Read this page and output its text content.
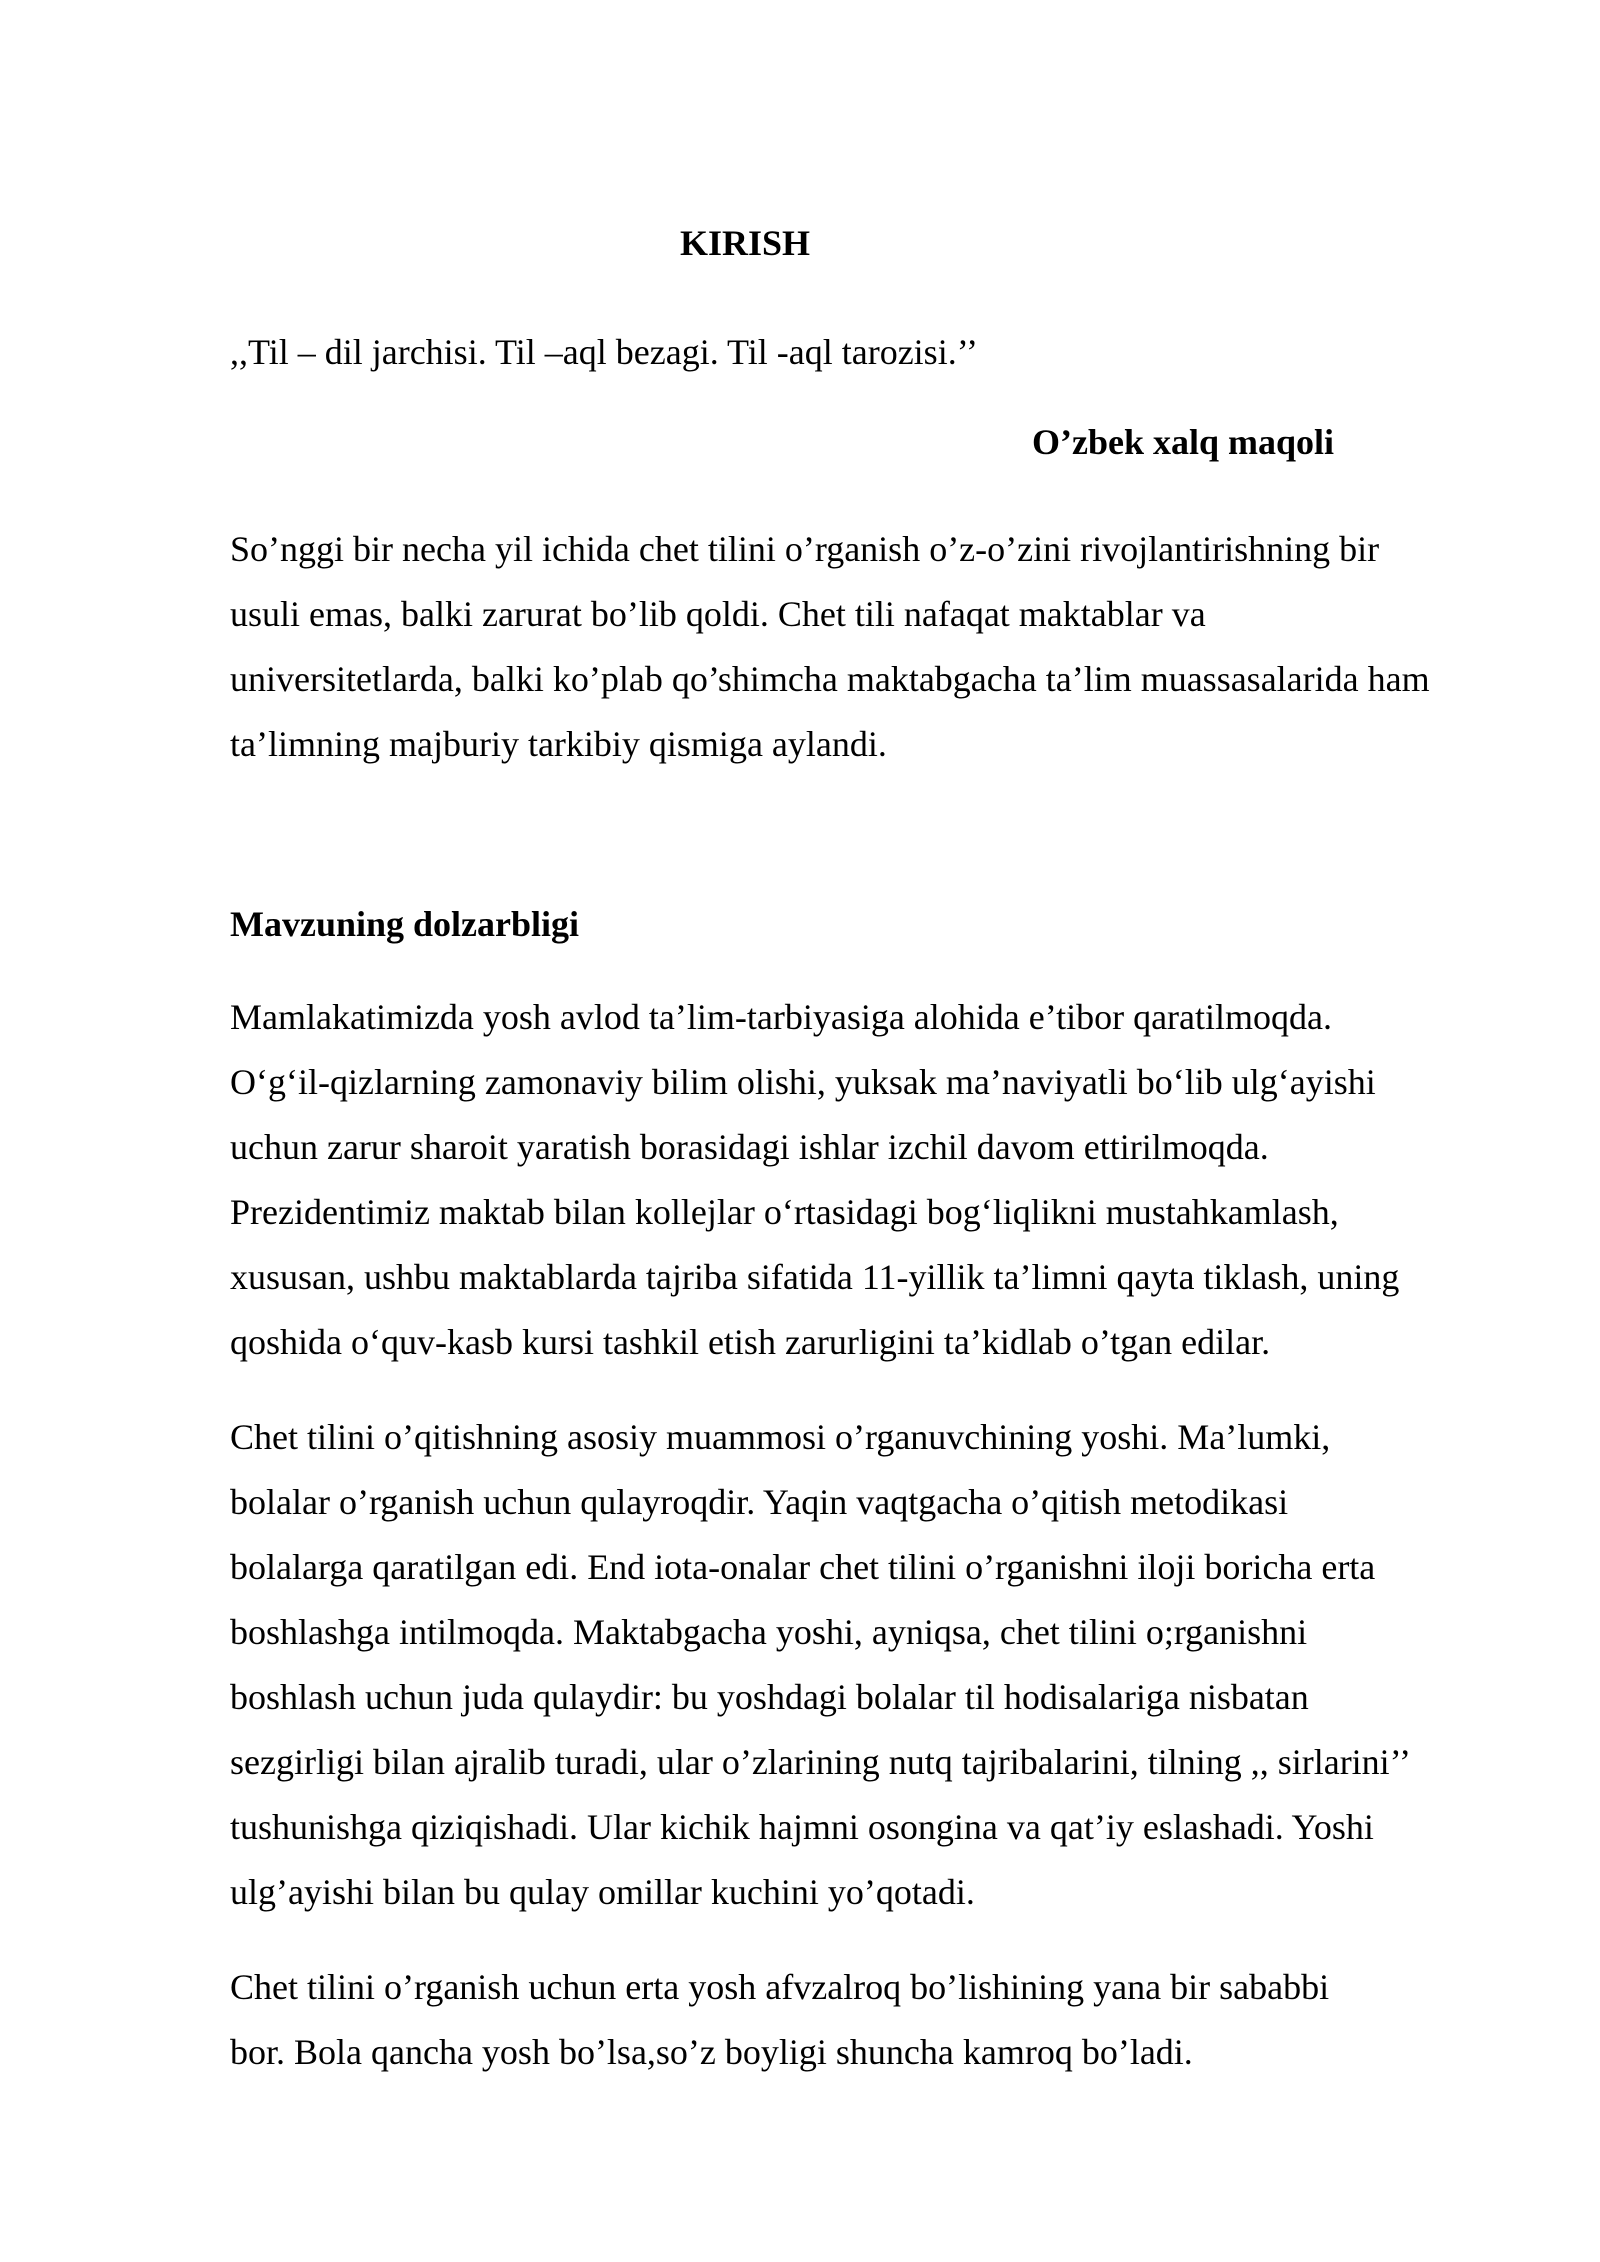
KIRISH

,,Til – dil jarchisi. Til –aql bezagi. Til -aql tarozisi.’’

O’zbek xalq maqoli

So’nggi bir necha yil ichida chet tilini o’rganish o’z-o’zini rivojlantirishning bir
usuli emas, balki zarurat bo’lib qoldi. Chet tili nafaqat maktablar va
universitetlarda, balki ko’plab qo’shimcha maktabgacha ta’lim muassasalarida ham
ta’limning majburiy tarkibiy qismiga aylandi.

Mavzuning dolzarbligi

Mamlakatimizda yosh avlod ta’lim-tarbiyasiga alohida e’tibor qaratilmoqda.
O‘g‘il-qizlarning zamonaviy bilim olishi, yuksak ma’naviyatli bo‘lib ulg‘ayishi
uchun zarur sharoit yaratish borasidagi ishlar izchil davom ettirilmoqda.
Prezidentimiz maktab bilan kollejlar o‘rtasidagi bog‘liqlikni mustahkamlash,
xususan, ushbu maktablarda tajriba sifatida 11-yillik ta’limni qayta tiklash, uning
qoshida o‘quv-kasb kursi tashkil etish zarurligini ta’kidlab o’tgan edilar.

Chet tilini o’qitishning asosiy muammosi o’rganuvchining yoshi. Ma’lumki,
bolalar o’rganish uchun qulayroqdir. Yaqin vaqtgacha o’qitish metodikasi
bolalarga qaratilgan edi. End iota-onalar chet tilini o’rganishni iloji boricha erta
boshlashga intilmoqda. Maktabgacha yoshi, ayniqsa, chet tilini o;rganishni
boshlash uchun juda qulaydir: bu yoshdagi bolalar til hodisalariga nisbatan
sezgirligi bilan ajralib turadi, ular o’zlarining nutq tajribalarini, tilning ,, sirlarini’’
tushunishga qiziqishadi. Ular kichik hajmni osongina va qat’iy eslashadi. Yoshi
ulg’ayishi bilan bu qulay omillar kuchini yo’qotadi.

Chet tilini o’rganish uchun erta yosh afvzalroq bo’lishining yana bir sababbi
bor. Bola qancha yosh bo’lsa,so’z boyligi shuncha kamroq bo’ladi.
